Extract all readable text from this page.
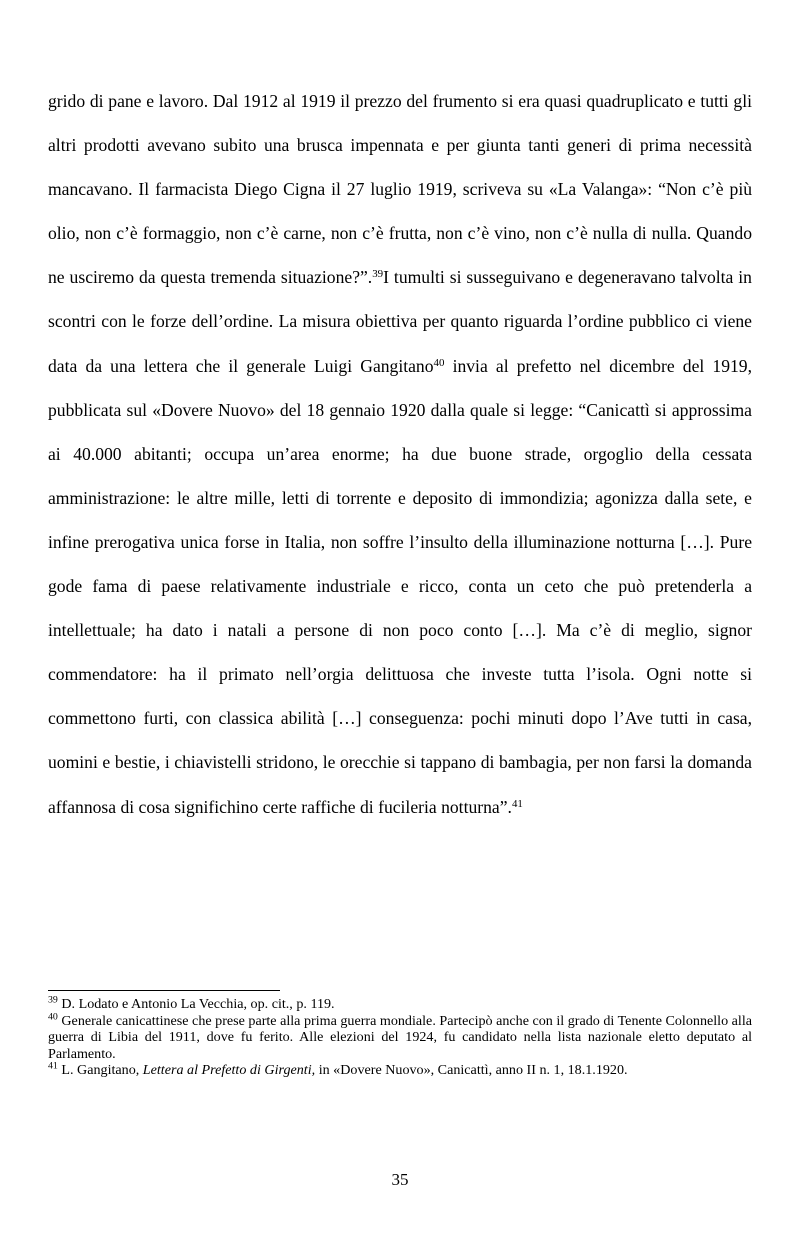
grido di pane e lavoro. Dal 1912 al 1919 il prezzo del frumento si era quasi quadruplicato e tutti gli altri prodotti avevano subito una brusca impennata e per giunta tanti generi di prima necessità mancavano. Il farmacista Diego Cigna il 27 luglio 1919, scriveva su «La Valanga»: “Non c’è più olio, non c’è formaggio, non c’è carne, non c’è frutta, non c’è vino, non c’è nulla di nulla. Quando ne usciremo da questa tremenda situazione?”.$^{39}$I tumulti si susseguivano e degeneravano talvolta in scontri con le forze dell’ordine. La misura obiettiva per quanto riguarda l’ordine pubblico ci viene data da una lettera che il generale Luigi Gangitano$^{40}$ invia al prefetto nel dicembre del 1919, pubblicata sul «Dovere Nuovo» del 18 gennaio 1920 dalla quale si legge: “Canicattì si approssima ai 40.000 abitanti; occupa un’area enorme; ha due buone strade, orgoglio della cessata amministrazione: le altre mille, letti di torrente e deposito di immondizia; agonizza dalla sete, e infine prerogativa unica forse in Italia, non soffre l’insulto della illuminazione notturna […]. Pure gode fama di paese relativamente industriale e ricco, conta un ceto che può pretenderla a intellettuale; ha dato i natali a persone di non poco conto […]. Ma c’è di meglio, signor commendatore: ha il primato nell’orgia delittuosa che investe tutta l’isola. Ogni notte si commettono furti, con classica abilità […] conseguenza: pochi minuti dopo l’Ave tutti in casa, uomini e bestie, i chiavistelli stridono, le orecchie si tappano di bambagia, per non farsi la domanda affannosa di cosa significhino certe raffiche di fucileria notturna”.$^{41}$

$^{39}$ D. Lodato e Antonio La Vecchia, op. cit., p. 119.

$^{40}$ Generale canicattinese che prese parte alla prima guerra mondiale. Partecipò anche con il grado di Tenente Colonnello alla guerra di Libia del 1911, dove fu ferito. Alle elezioni del 1924, fu candidato nella lista nazionale eletto deputato al Parlamento.

$^{41}$ L. Gangitano, Lettera al Prefetto di Girgenti, in «Dovere Nuovo», Canicattì, anno II n. 1, 18.1.1920.

35
